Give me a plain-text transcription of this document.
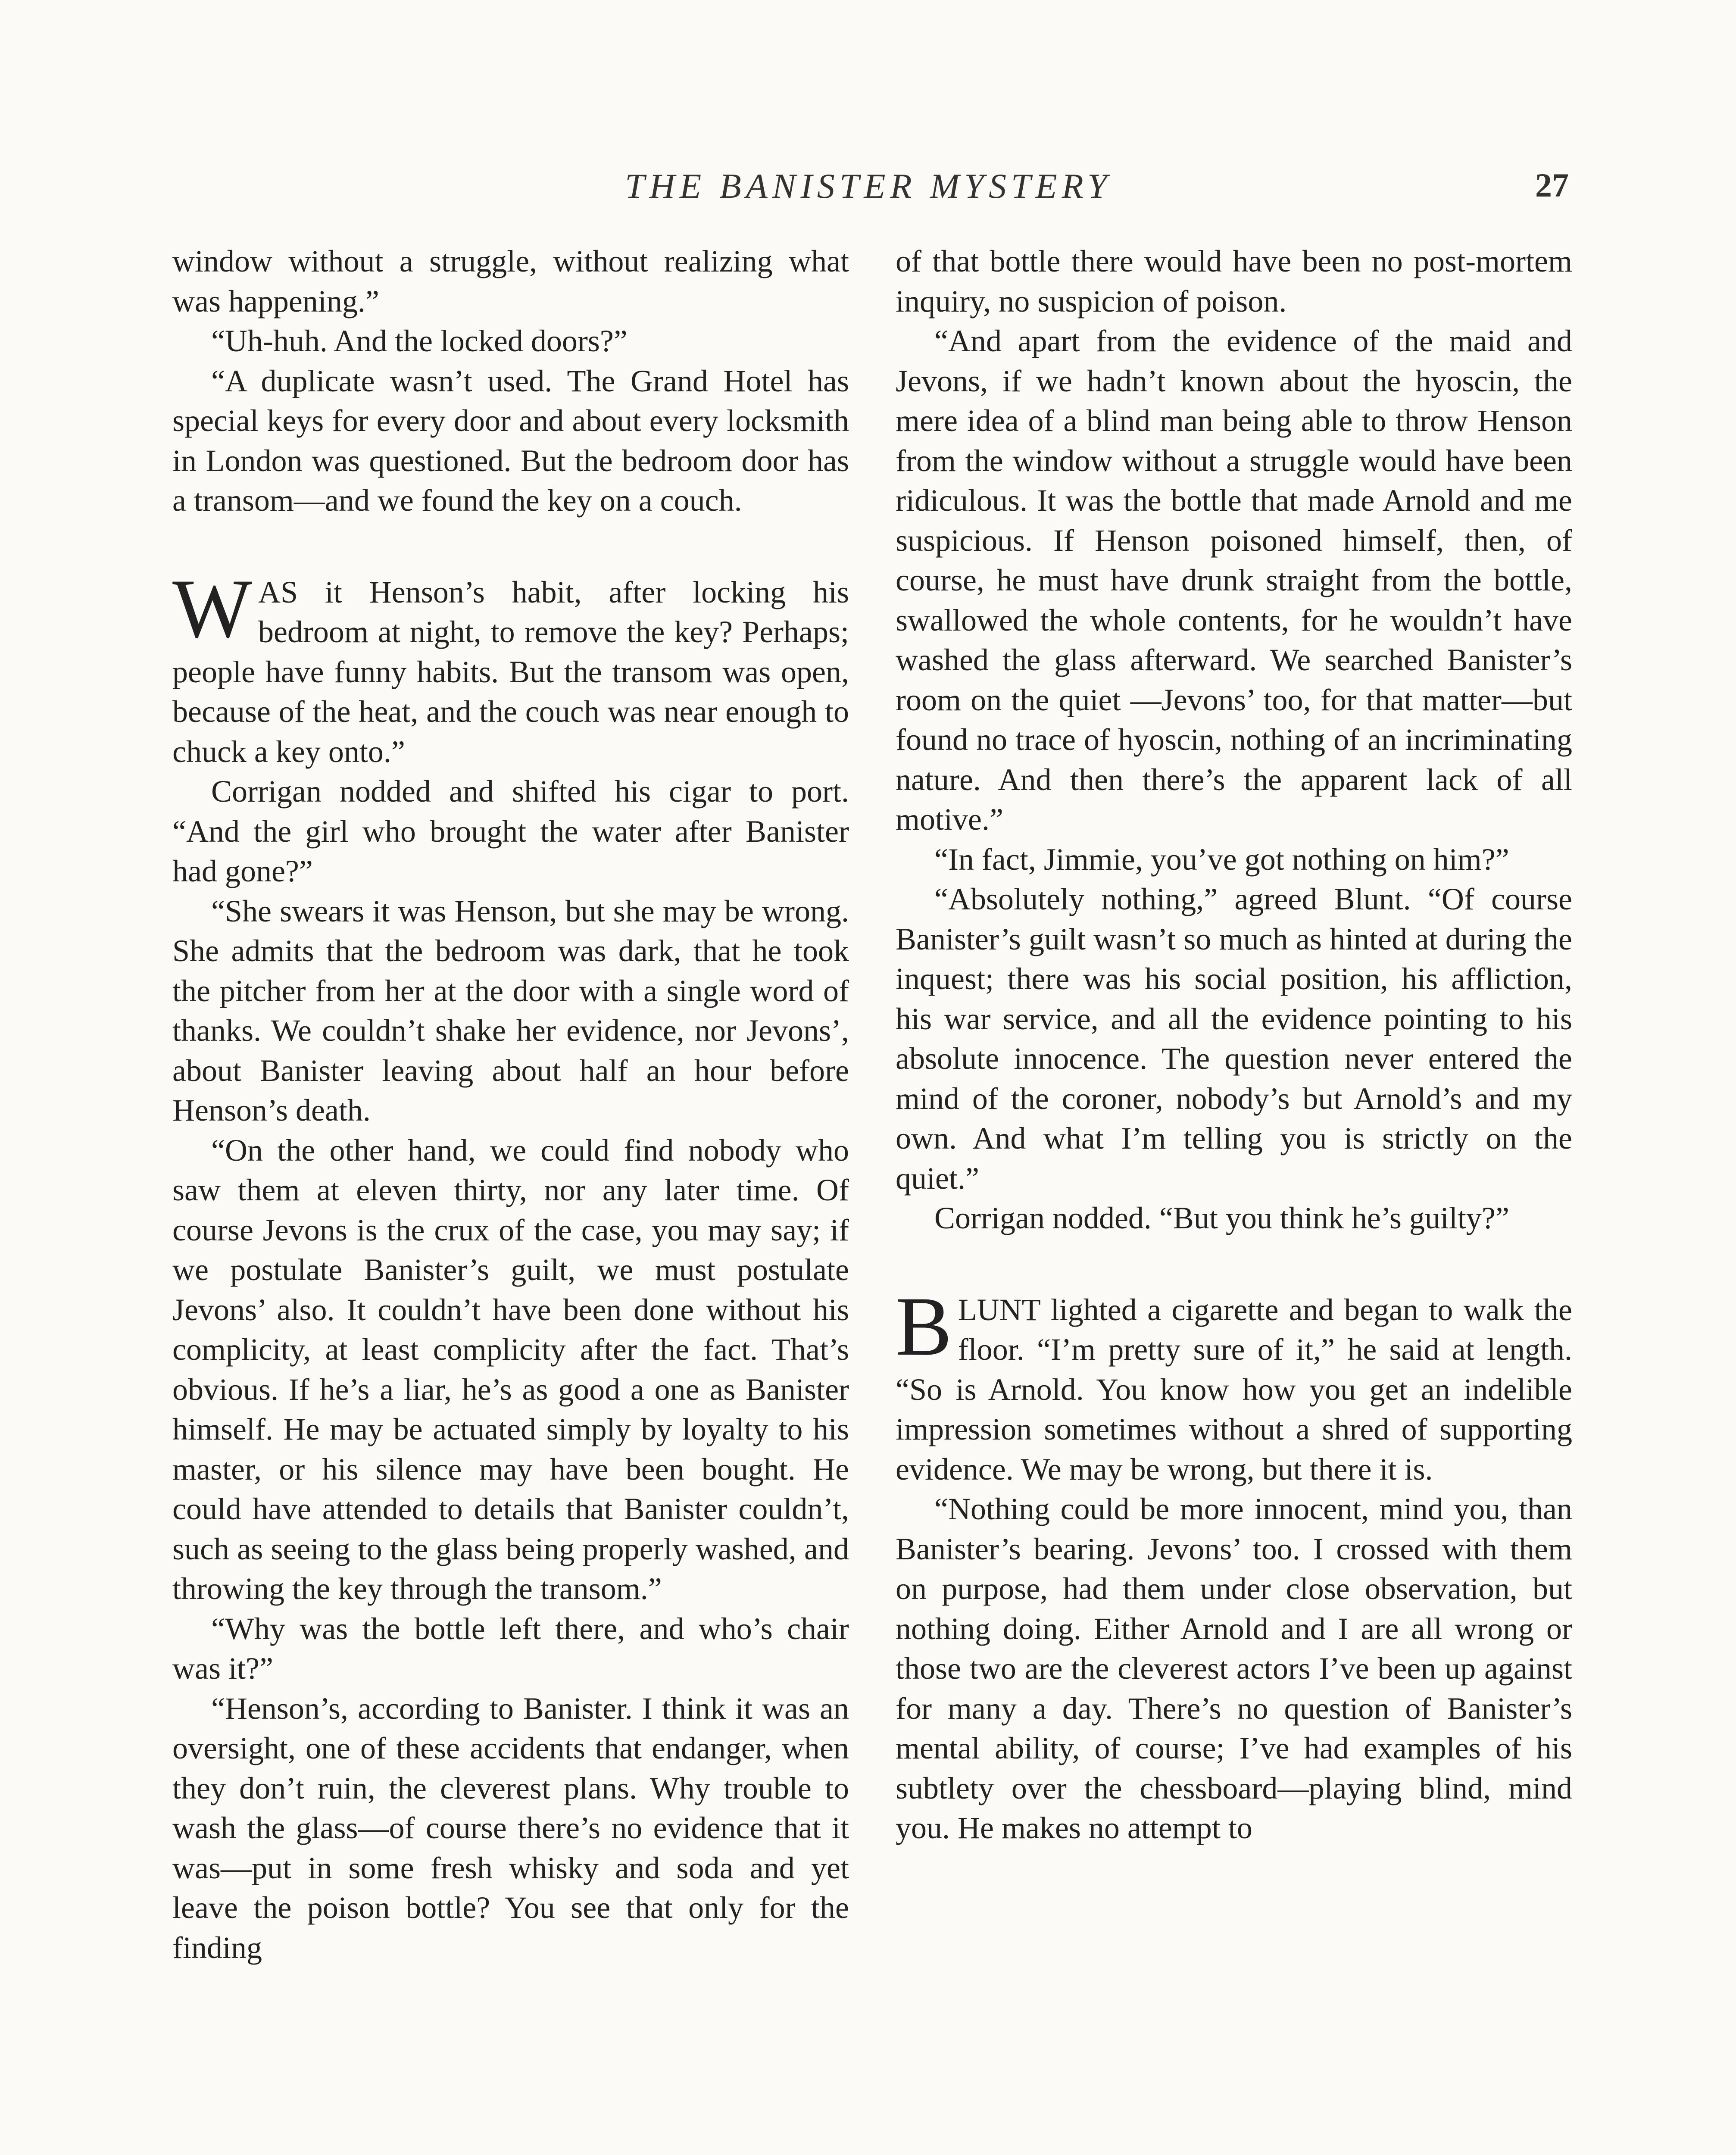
THE BANISTER MYSTERY	27

window without a struggle, without realizing what was happening.”

“Uh-huh. And the locked doors?”

“A duplicate wasn’t used. The Grand Hotel has special keys for every door and about every locksmith in London was questioned. But the bedroom door has a transom—and we found the key on a couch.

WAS it Henson’s habit, after locking his bedroom at night, to remove the key? Perhaps; people have funny habits. But the transom was open, because of the heat, and the couch was near enough to chuck a key onto.”

Corrigan nodded and shifted his cigar to port. “And the girl who brought the water after Banister had gone?”

“She swears it was Henson, but she may be wrong. She admits that the bedroom was dark, that he took the pitcher from her at the door with a single word of thanks. We couldn’t shake her evidence, nor Jevons’, about Banister leaving about half an hour before Henson’s death.

“On the other hand, we could find nobody who saw them at eleven thirty, nor any later time. Of course Jevons is the crux of the case, you may say; if we postulate Banister’s guilt, we must postulate Jevons’ also. It couldn’t have been done without his complicity, at least complicity after the fact. That’s obvious. If he’s a liar, he’s as good a one as Banister himself. He may be actuated simply by loyalty to his master, or his silence may have been bought. He could have attended to details that Banister couldn’t, such as seeing to the glass being properly washed, and throwing the key through the transom.”

“Why was the bottle left there, and who’s chair was it?”

“Henson’s, according to Banister. I think it was an oversight, one of these accidents that endanger, when they don’t ruin, the cleverest plans. Why trouble to wash the glass—of course there’s no evidence that it was—put in some fresh whisky and soda and yet leave the poison bottle? You see that only for the finding

of that bottle there would have been no post-mortem inquiry, no suspicion of poison.

“And apart from the evidence of the maid and Jevons, if we hadn’t known about the hyoscin, the mere idea of a blind man being able to throw Henson from the window without a struggle would have been ridiculous. It was the bottle that made Arnold and me suspicious. If Henson poisoned himself, then, of course, he must have drunk straight from the bottle, swallowed the whole contents, for he wouldn’t have washed the glass afterward. We searched Banister’s room on the quiet —Jevons’ too, for that matter—but found no trace of hyoscin, nothing of an incriminating nature. And then there’s the apparent lack of all motive.”

“In fact, Jimmie, you’ve got nothing on him?”

“Absolutely nothing,” agreed Blunt. “Of course Banister’s guilt wasn’t so much as hinted at during the inquest; there was his social position, his affliction, his war service, and all the evidence pointing to his absolute innocence. The question never entered the mind of the coroner, nobody’s but Arnold’s and my own. And what I’m telling you is strictly on the quiet.”

Corrigan nodded. “But you think he’s guilty?”

BLUNT lighted a cigarette and began to walk the floor. “I’m pretty sure of it,” he said at length. “So is Arnold. You know how you get an indelible impression sometimes without a shred of supporting evidence. We may be wrong, but there it is.

“Nothing could be more innocent, mind you, than Banister’s bearing. Jevons’ too. I crossed with them on purpose, had them under close observation, but nothing doing. Either Arnold and I are all wrong or those two are the cleverest actors I’ve been up against for many a day. There’s no question of Banister’s mental ability, of course; I’ve had examples of his subtlety over the chessboard—playing blind, mind you. He makes no attempt to
